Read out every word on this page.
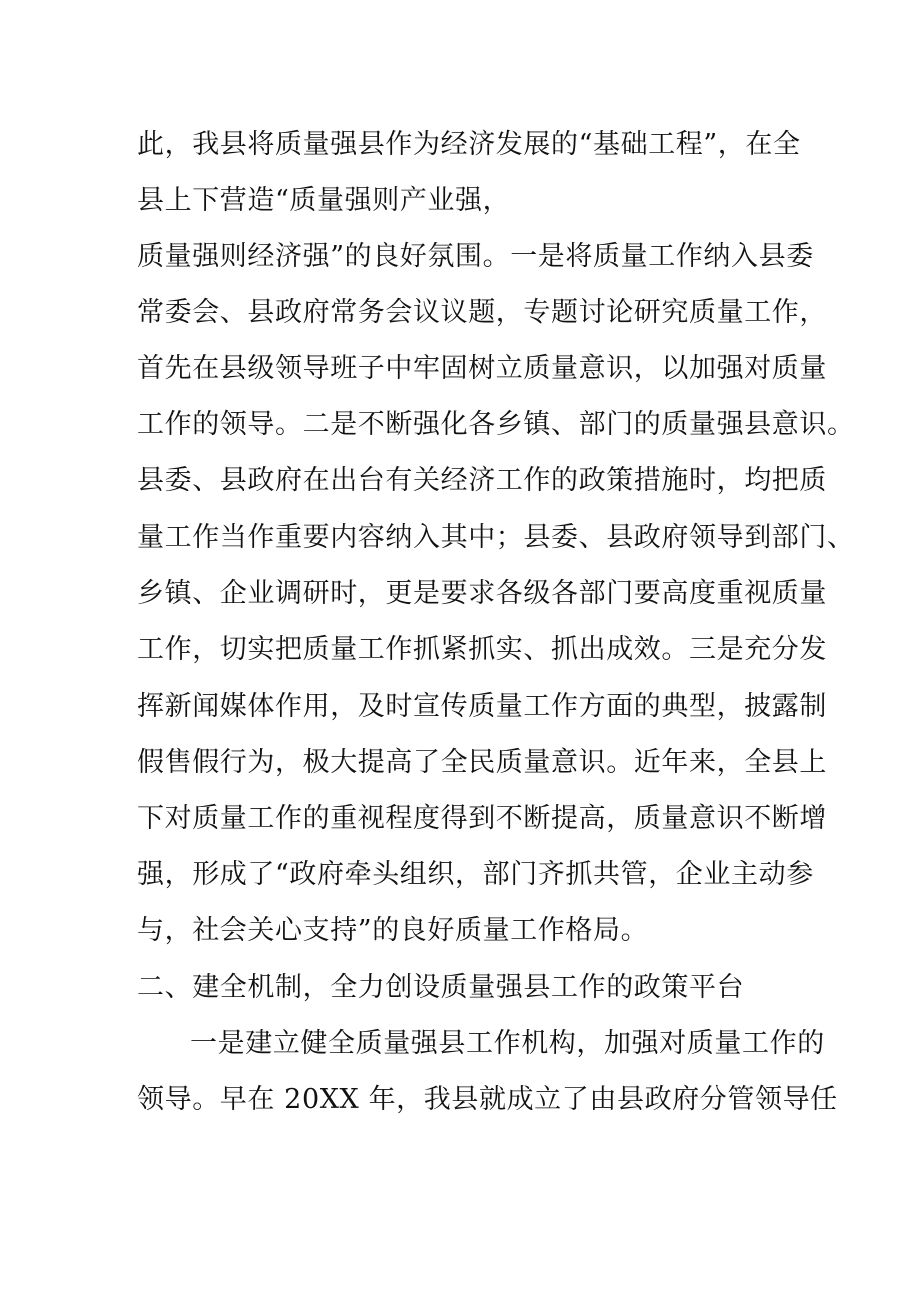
此，我县将质量强县作为经济发展的“基础工程”，在全
县上下营造“质量强则产业强，
质量强则经济强”的良好氛围。一是将质量工作纳入县委
常委会、县政府常务会议议题，专题讨论研究质量工作，
首先在县级领导班子中牢固树立质量意识，以加强对质量
工作的领导。二是不断强化各乡镇、部门的质量强县意识。
县委、县政府在出台有关经济工作的政策措施时，均把质
量工作当作重要内容纳入其中；县委、县政府领导到部门、
乡镇、企业调研时，更是要求各级各部门要高度重视质量
工作，切实把质量工作抓紧抓实、抓出成效。三是充分发
挥新闻媒体作用，及时宣传质量工作方面的典型，披露制
假售假行为，极大提高了全民质量意识。近年来，全县上
下对质量工作的重视程度得到不断提高，质量意识不断增
强，形成了“政府牵头组织，部门齐抓共管，企业主动参
与，社会关心支持”的良好质量工作格局。
二、建全机制，全力创设质量强县工作的政策平台
一是建立健全质量强县工作机构，加强对质量工作的
领导。早在 20XX 年，我县就成立了由县政府分管领导任
